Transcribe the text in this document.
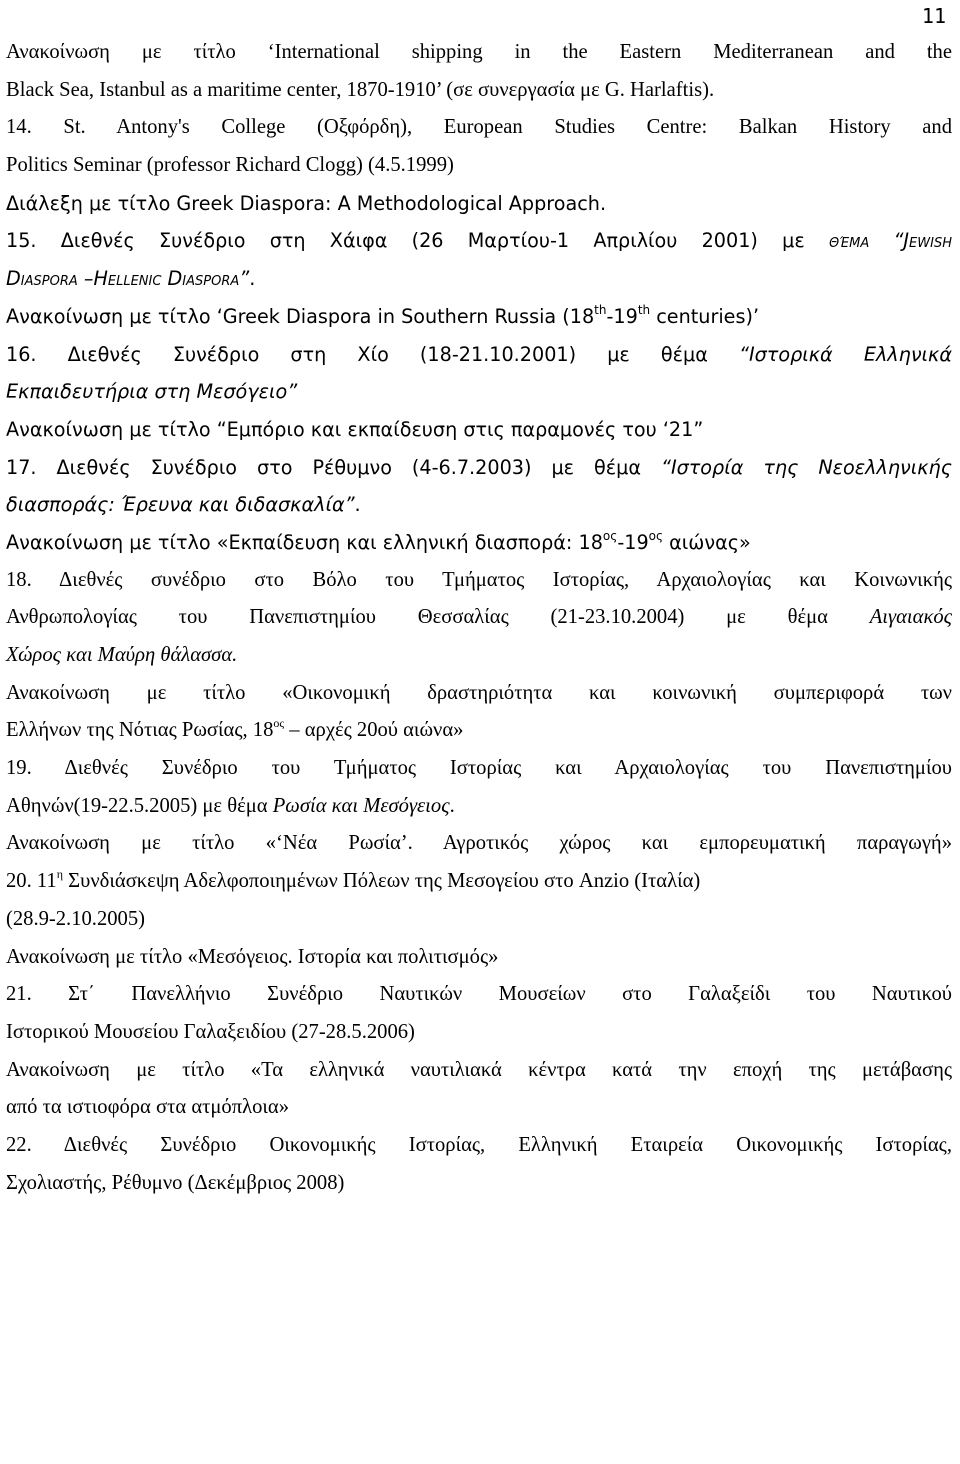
11
Ανακοίνωση με τίτλο ‘International shipping in the Eastern Mediterranean and the
Black Sea, Istanbul as a maritime center, 1870-1910’ (σε συνεργασία με G. Harlaftis).
14. St. Antony's College (Οξφόρδη), European Studies Centre: Balkan History and
Politics Seminar (professor Richard Clogg) (4.5.1999)
Διάλεξη με τίτλο Greek Diaspora: A Methodological Approach.
15. Διεθνές Συνέδριο στη Χάιφα (26 Μαρτίου-1 Απριλίου 2001) με θέμα “Jewish
Diaspora –Hellenic Diaspora”.
Ανακοίνωση με τίτλο ‘Greek Diaspora in Southern Russia (18th-19th centuries)’
16. Διεθνές Συνέδριο στη Χίο (18-21.10.2001) με θέμα “Ιστορικά Ελληνικά
Εκπαιδευτήρια στη Μεσόγειο”
Ανακοίνωση με τίτλο “Εμπόριο και εκπαίδευση στις παραμονές του ‘21”
17. Διεθνές Συνέδριο στο Ρέθυμνο (4-6.7.2003) με θέμα “Ιστορία της Νεοελληνικής
διασποράς: Έρευνα και διδασκαλία”.
Ανακοίνωση με τίτλο «Εκπαίδευση και ελληνική διασπορά: $18^{o\varsigma}-19^{o\varsigma}$ αιώνας»
18. Διεθνές συνέδριο στο Βόλο του Τμήματος Ιστορίας, Αρχαιολογίας και Κοινωνικής
Ανθρωπολογίας του Πανεπιστημίου Θεσσαλίας (21-23.10.2004) με θέμα Αιγαιακός
Χώρος και Μαύρη θάλασσα.
Ανακοίνωση με τίτλο «Οικονομική δραστηριότητα και κοινωνική συμπεριφορά των
Ελλήνων της Νότιας Ρωσίας, $18^{o\varsigma}$ – αρχές 20ού αιώνα»
19. Διεθνές Συνέδριο του Τμήματος Ιστορίας και Αρχαιολογίας του Πανεπιστημίου
Αθηνών(19-22.5.2005) με θέμα Ρωσία και Μεσόγειος.
Ανακοίνωση με τίτλο «‘Νέα Ρωσία’. Αγροτικός χώρος και εμπορευματική παραγωγή»
20. $11^\eta$ Συνδιάσκεψη Αδελφοποιημένων Πόλεων της Μεσογείου στο Anzio (Ιταλία)
(28.9-2.10.2005)
Ανακοίνωση με τίτλο «Μεσόγειος. Ιστορία και πολιτισμός»
21. Στ΄ Πανελλήνιο Συνέδριο Ναυτικών Μουσείων στο Γαλαξείδι του Ναυτικού
Ιστορικού Μουσείου Γαλαξειδίου (27-28.5.2006)
Ανακοίνωση με τίτλο «Τα ελληνικά ναυτιλιακά κέντρα κατά την εποχή της μετάβασης
από τα ιστιοφόρα στα ατμόπλοια»
22. Διεθνές Συνέδριο Οικονομικής Ιστορίας, Ελληνική Εταιρεία Οικονομικής Ιστορίας,
Σχολιαστής, Ρέθυμνο (Δεκέμβριος 2008)
